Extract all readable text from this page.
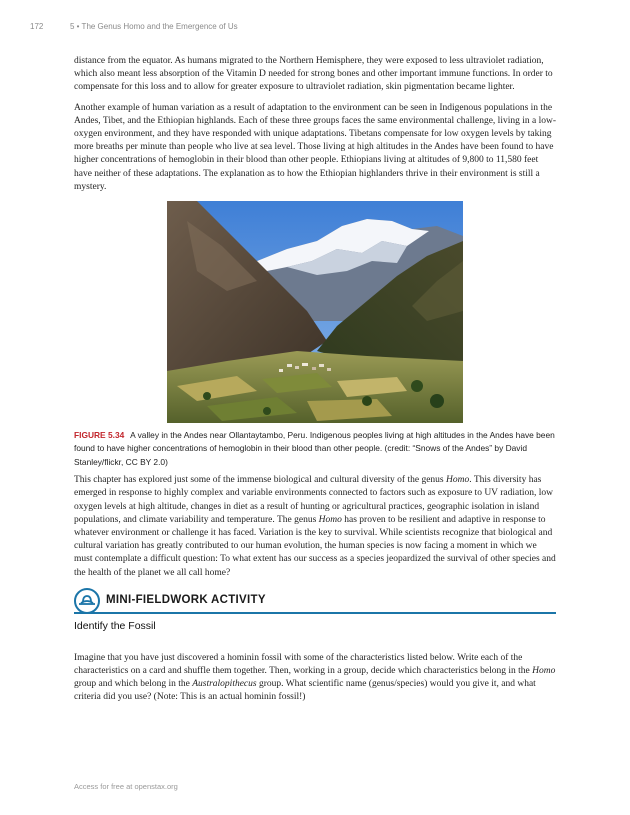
172	5 • The Genus Homo and the Emergence of Us

distance from the equator. As humans migrated to the Northern Hemisphere, they were exposed to less ultraviolet radiation, which also meant less absorption of the Vitamin D needed for strong bones and other important immune functions. In order to compensate for this loss and to allow for greater exposure to ultraviolet radiation, skin pigmentation became lighter.

Another example of human variation as a result of adaptation to the environment can be seen in Indigenous populations in the Andes, Tibet, and the Ethiopian highlands. Each of these three groups faces the same environmental challenge, living in a low-oxygen environment, and they have responded with unique adaptations. Tibetans compensate for low oxygen levels by taking more breaths per minute than people who live at sea level. Those living at high altitudes in the Andes have been found to have higher concentrations of hemoglobin in their blood than other people. Ethiopians living at altitudes of 9,800 to 11,580 feet have neither of these adaptations. The explanation as to how the Ethiopian highlanders thrive in their environment is still a mystery.

FIGURE 5.34 A valley in the Andes near Ollantaytambo, Peru. Indigenous peoples living at high altitudes in the Andes have been found to have higher concentrations of hemoglobin in their blood than other people. (credit: “Snows of the Andes” by David Stanley/flickr, CC BY 2.0)

This chapter has explored just some of the immense biological and cultural diversity of the genus Homo. This diversity has emerged in response to highly complex and variable environments connected to factors such as exposure to UV radiation, low oxygen levels at high altitude, changes in diet as a result of hunting or agricultural practices, geographic isolation in island populations, and climate variability and temperature. The genus Homo has proven to be resilient and adaptive in response to whatever environment or challenge it has faced. Variation is the key to survival. While scientists recognize that biological and cultural variation has greatly contributed to our human evolution, the human species is now facing a moment in which we must contemplate a difficult question: To what extent has our success as a species jeopardized the survival of other species and the health of the planet we all call home?

MINI-FIELDWORK ACTIVITY
Identify the Fossil

Imagine that you have just discovered a hominin fossil with some of the characteristics listed below. Write each of the characteristics on a card and shuffle them together. Then, working in a group, decide which characteristics belong in the Homo group and which belong in the Australopithecus group. What scientific name (genus/species) would you give it, and what criteria did you use? (Note: This is an actual hominin fossil!)

Access for free at openstax.org
